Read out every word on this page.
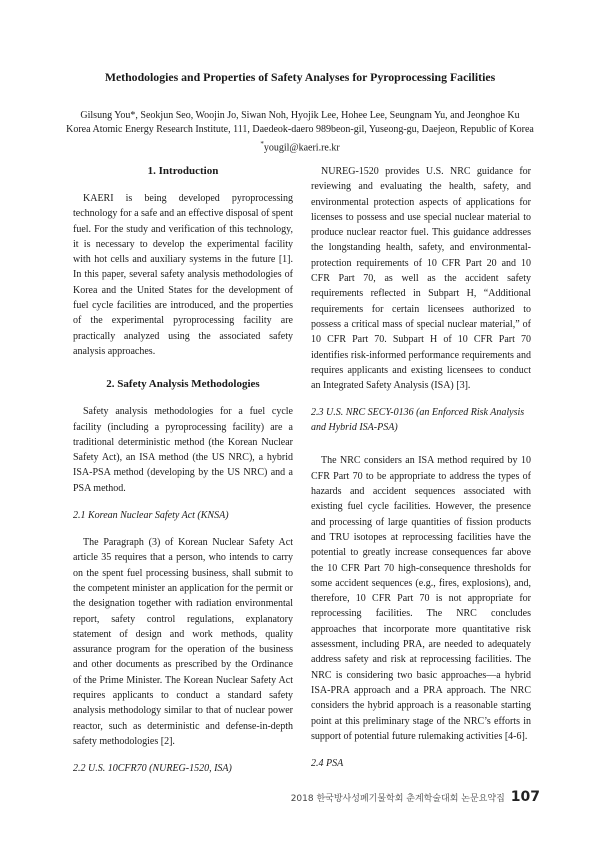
Methodologies and Properties of Safety Analyses for Pyroprocessing Facilities

Gilsung You*, Seokjun Seo, Woojin Jo, Siwan Noh, Hyojik Lee, Hohee Lee, Seungnam Yu, and Jeonghoe Ku

Korea Atomic Energy Research Institute, 111, Daedeok-daero 989beon-gil, Yuseong-gu, Daejeon, Republic of Korea

*yougil@kaeri.re.kr

1. Introduction

KAERI is being developed pyroprocessing technology for a safe and an effective disposal of spent fuel. For the study and verification of this technology, it is necessary to develop the experimental facility with hot cells and auxiliary systems in the future [1]. In this paper, several safety analysis methodologies of Korea and the United States for the development of fuel cycle facilities are introduced, and the properties of the experimental pyroprocessing facility are practically analyzed using the associated safety analysis approaches.

2. Safety Analysis Methodologies

Safety analysis methodologies for a fuel cycle facility (including a pyroprocessing facility) are a traditional deterministic method (the Korean Nuclear Safety Act), an ISA method (the US NRC), a hybrid ISA-PSA method (developing by the US NRC) and a PSA method.

2.1 Korean Nuclear Safety Act (KNSA)

The Paragraph (3) of Korean Nuclear Safety Act article 35 requires that a person, who intends to carry on the spent fuel processing business, shall submit to the competent minister an application for the permit or the designation together with radiation environmental report, safety control regulations, explanatory statement of design and work methods, quality assurance program for the operation of the business and other documents as prescribed by the Ordinance of the Prime Minister. The Korean Nuclear Safety Act requires applicants to conduct a standard safety analysis methodology similar to that of nuclear power reactor, such as deterministic and defense-in-depth safety methodologies [2].

2.2 U.S. 10CFR70 (NUREG-1520, ISA)

NUREG-1520 provides U.S. NRC guidance for reviewing and evaluating the health, safety, and environmental protection aspects of applications for licenses to possess and use special nuclear material to produce nuclear reactor fuel. This guidance addresses the longstanding health, safety, and environmental-protection requirements of 10 CFR Part 20 and 10 CFR Part 70, as well as the accident safety requirements reflected in Subpart H, “Additional requirements for certain licensees authorized to possess a critical mass of special nuclear material,” of 10 CFR Part 70. Subpart H of 10 CFR Part 70 identifies risk-informed performance requirements and requires applicants and existing licensees to conduct an Integrated Safety Analysis (ISA) [3].

2.3 U.S. NRC SECY-0136 (an Enforced Risk Analysis and Hybrid ISA-PSA)

The NRC considers an ISA method required by 10 CFR Part 70 to be appropriate to address the types of hazards and accident sequences associated with existing fuel cycle facilities. However, the presence and processing of large quantities of fission products and TRU isotopes at reprocessing facilities have the potential to greatly increase consequences far above the 10 CFR Part 70 high-consequence thresholds for some accident sequences (e.g., fires, explosions), and, therefore, 10 CFR Part 70 is not appropriate for reprocessing facilities. The NRC concludes approaches that incorporate more quantitative risk assessment, including PRA, are needed to adequately address safety and risk at reprocessing facilities. The NRC is considering two basic approaches—a hybrid ISA-PRA approach and a PRA approach. The NRC considers the hybrid approach is a reasonable starting point at this preliminary stage of the NRC’s efforts in support of potential future rulemaking activities [4-6].

2.4 PSA
2018 한국방사성폐기물학회 춘계학술대회 논문요약집 107
